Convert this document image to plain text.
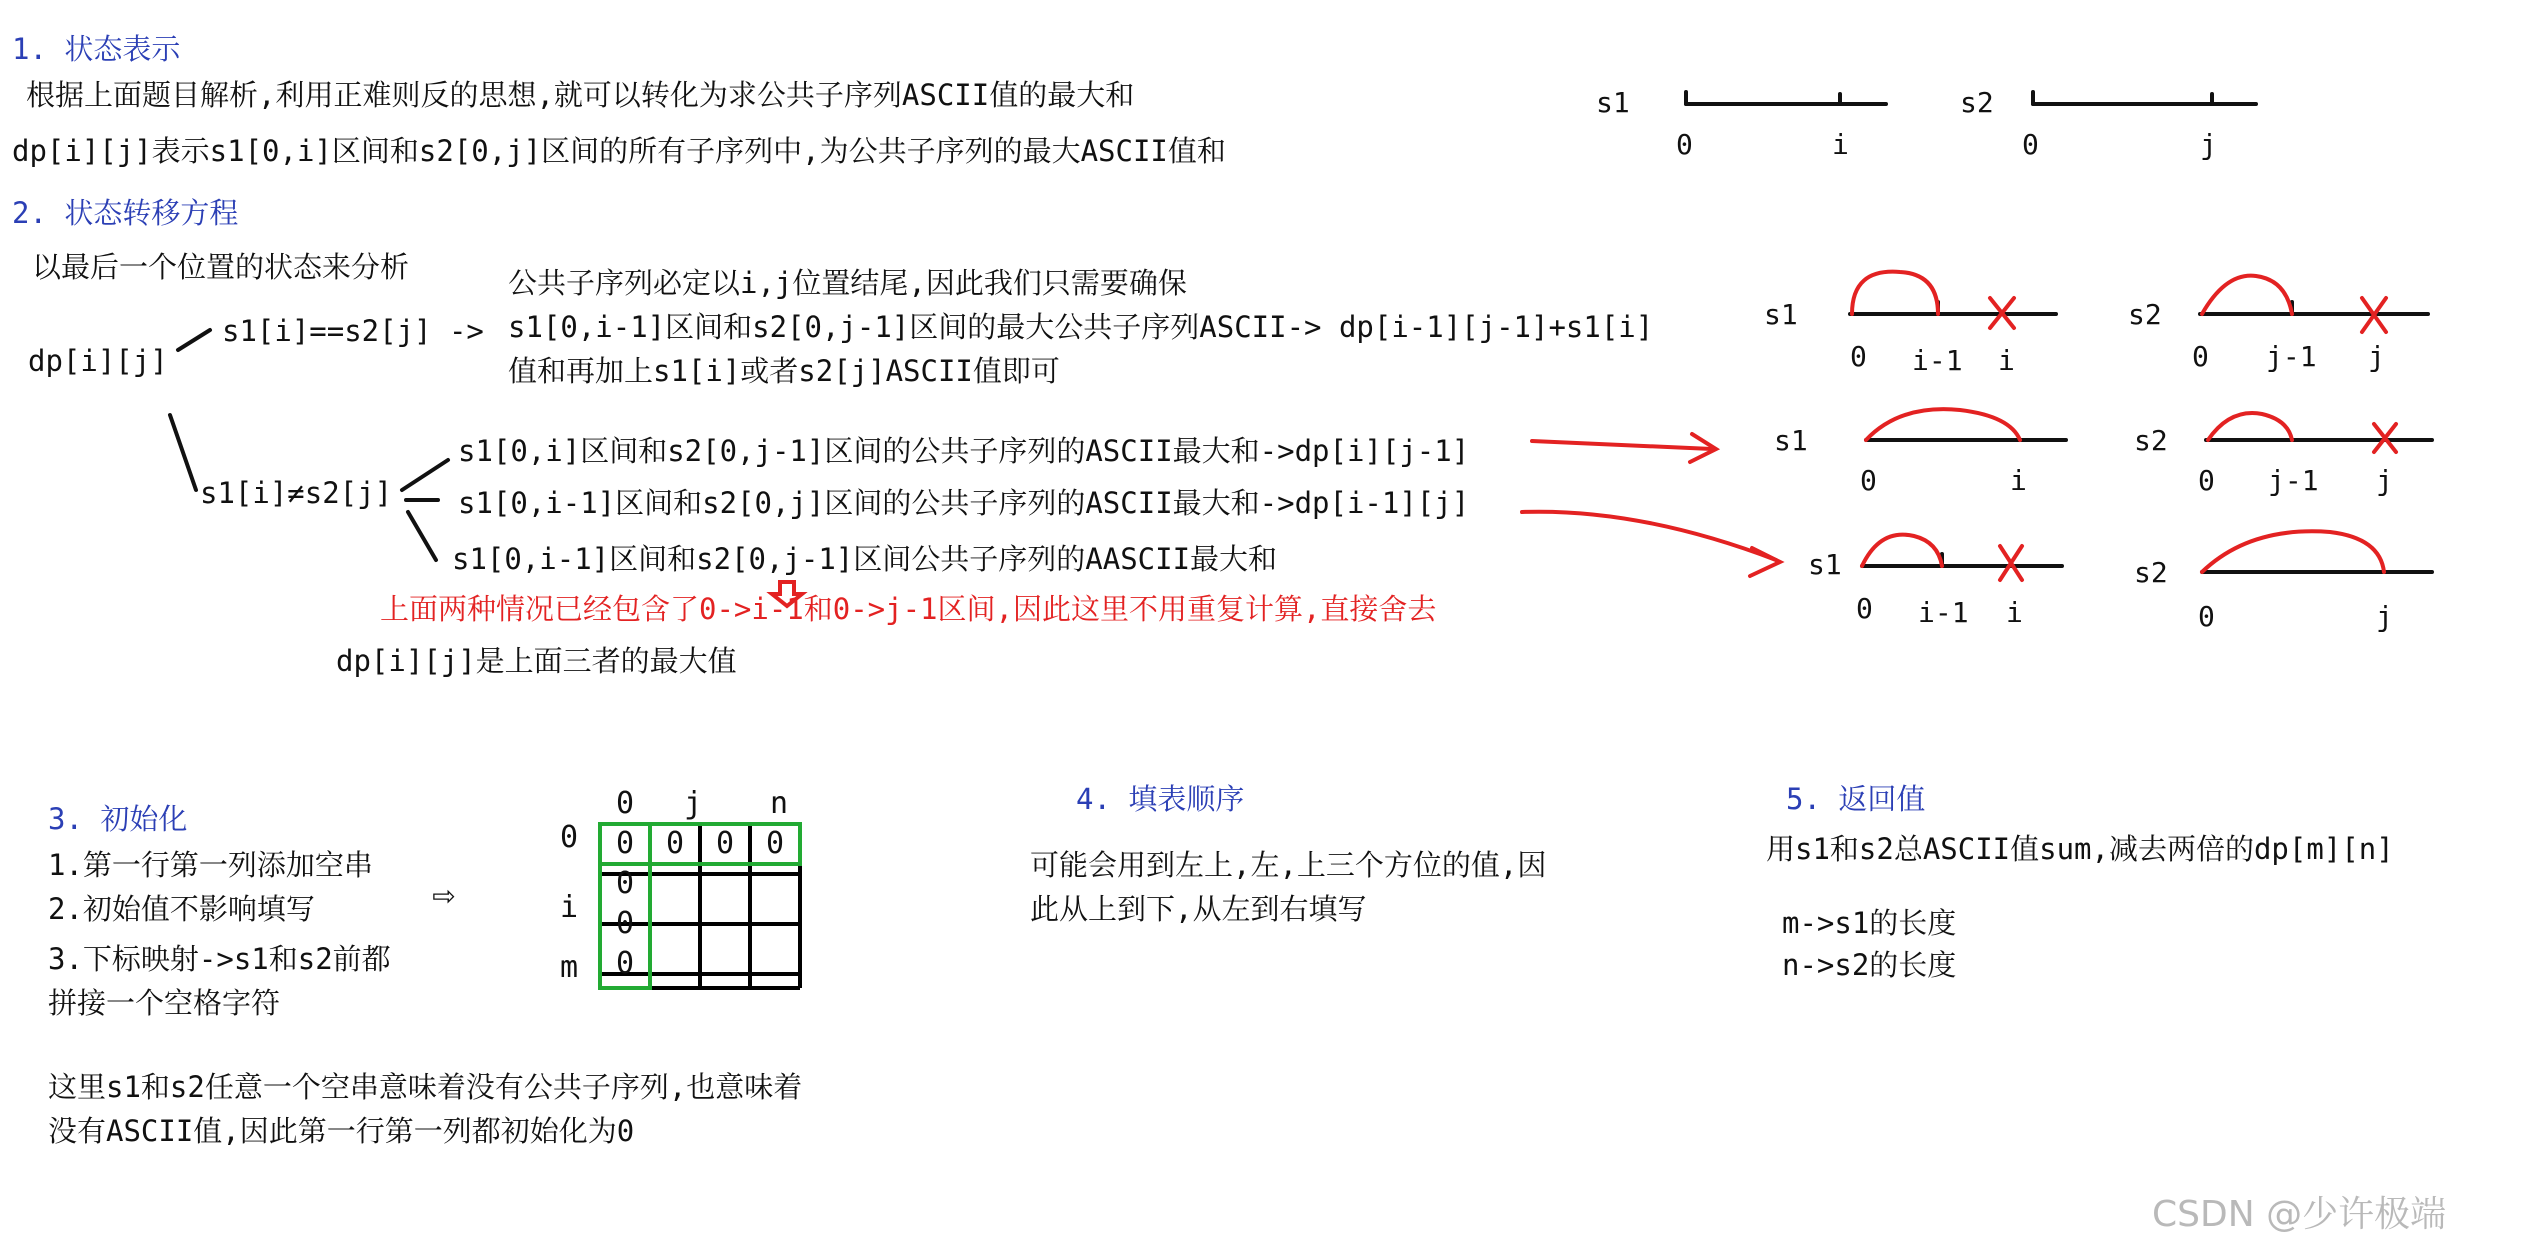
1. 状态表示
根据上面题目解析,利用正难则反的思想,就可以转化为求公共子序列ASCII值的最大和
dp[i][j]表示s1[0,i]区间和s2[0,j]区间的所有子序列中,为公共子序列的最大ASCII值和
s1
0	i
s2
0	j
2. 状态转移方程
以最后一个位置的状态来分析	公共子序列必定以i,j位置结尾,因此我们只需要确保
dp[i][j]
s1[i]==s2[j] -> s1[0,i-1]区间和s2[0,j-1]区间的最大公共子序列ASCII-> dp[i-1][j-1]+s1[i]
值和再加上s1[i]或者s2[j]ASCII值即可
s1[i]≠s2[j]
s1[0,i]区间和s2[0,j-1]区间的公共子序列的ASCII最大和->dp[i][j-1]
s1[0,i-1]区间和s2[0,j]区间的公共子序列的ASCII最大和->dp[i-1][j]
s1[0,i-1]区间和s2[0,j-1]区间公共子序列的AASCII最大和
上面两种情况已经包含了0->i-1和0->j-1区间,因此这里不用重复计算,直接舍去
dp[i][j]是上面三者的最大值
s1
0 i-1 i
s2
0 j-1 j
s1
0	i
s2
0 j-1 j
s1
0 i-1 i
s2
0	j
3. 初始化
1.第一行第一列添加空串
2.初始值不影响填写
3.下标映射->s1和s2前都
拼接一个空格字符
⇨
这里s1和s2任意一个空串意味着没有公共子序列,也意味着
没有ASCII值,因此第一行第一列都初始化为0
0	j	n
0
i
m
0	0	0	0
0
0
0
4. 填表顺序
可能会用到左上,左,上三个方位的值,因
此从上到下,从左到右填写
5. 返回值
用s1和s2总ASCII值sum,减去两倍的dp[m][n]
m->s1的长度
n->s2的长度
CSDN @少许极端
